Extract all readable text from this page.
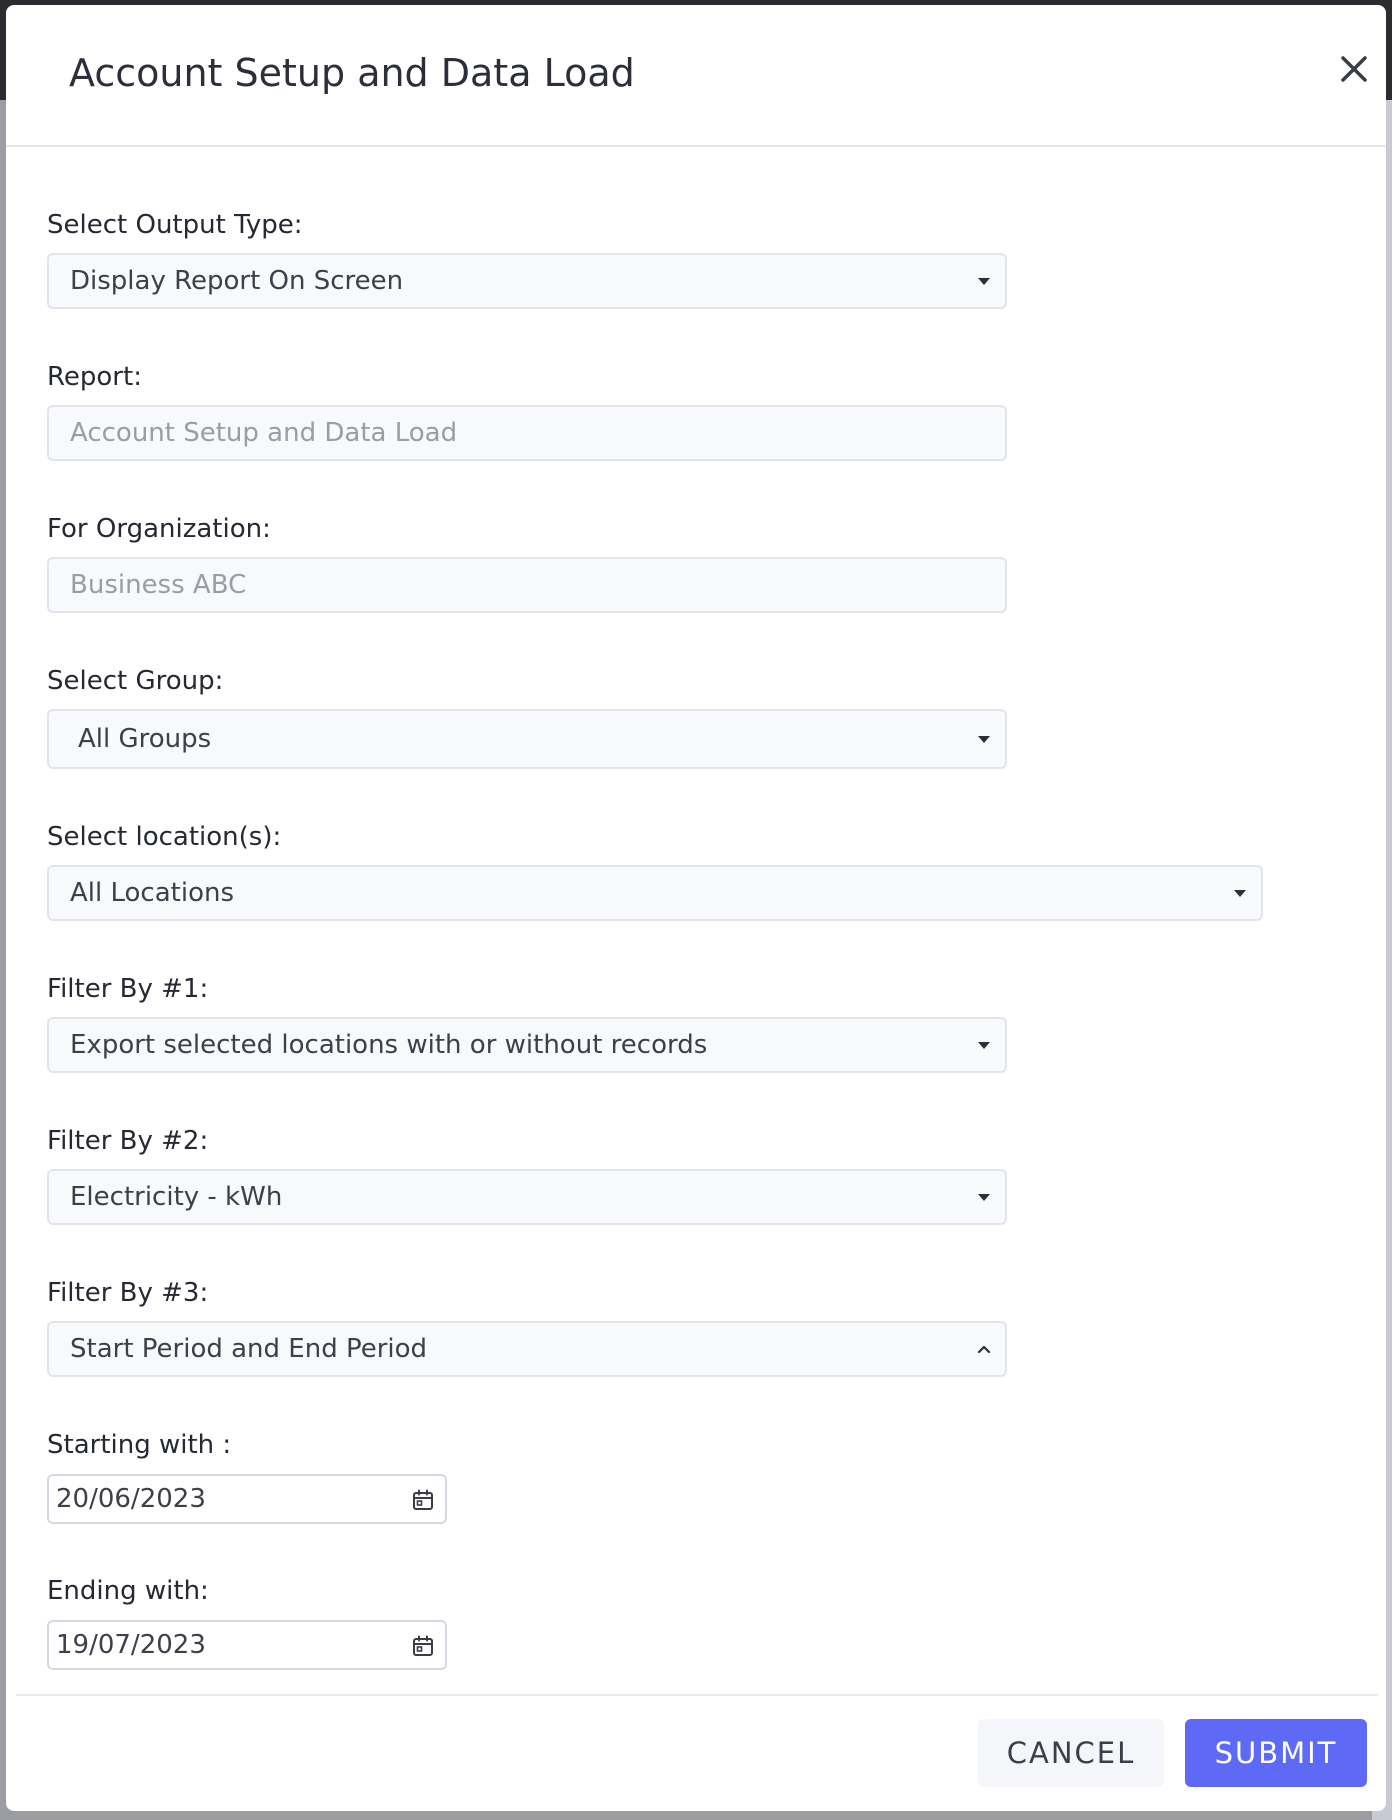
Account Setup and Data Load
Select Output Type:
Display Report On Screen
Report:
Account Setup and Data Load
For Organization:
Business ABC
Select Group:
All Groups
Select location(s):
All Locations
Filter By #1:
Export selected locations with or without records
Filter By #2:
Electricity - kWh
Filter By #3:
Start Period and End Period
Starting with :
20/06/2023
Ending with:
19/07/2023
CANCEL	SUBMIT
